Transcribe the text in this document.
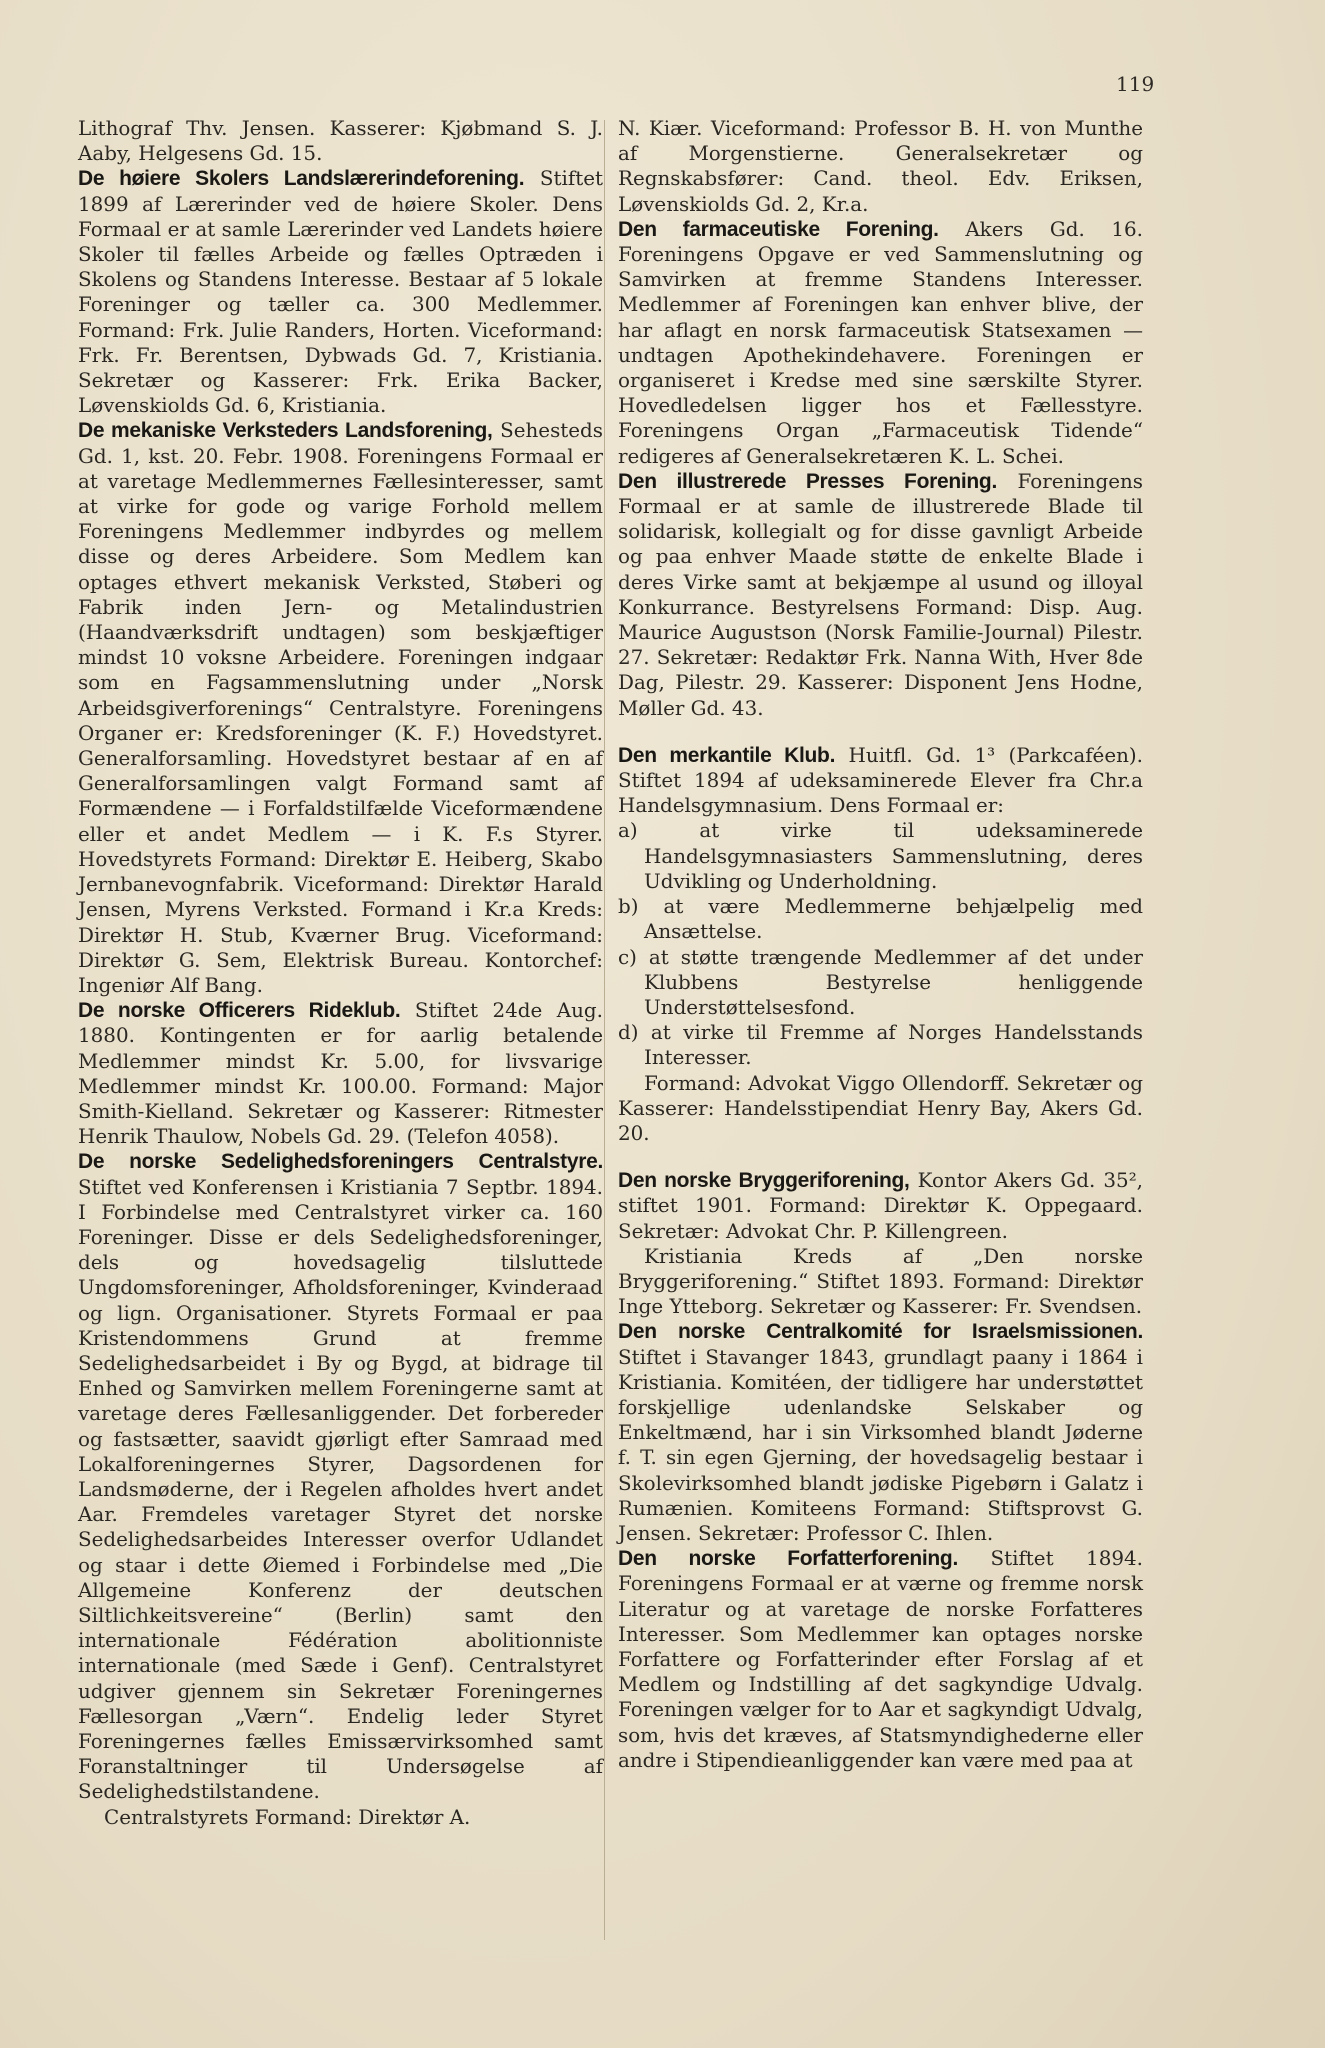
119

Lithograf Thv. Jensen. Kasserer: Kjøbmand S. J. Aaby, Helgesens Gd. 15.

De høiere Skolers Landslærerindeforening. Stiftet 1899 af Lærerinder ved de høiere Skoler. Dens Formaal er at samle Lærerinder ved Landets høiere Skoler til fælles Arbeide og fælles Optræden i Skolens og Standens Interesse. Bestaar af 5 lokale Foreninger og tæller ca. 300 Medlemmer. Formand: Frk. Julie Randers, Horten. Viceformand: Frk. Fr. Berentsen, Dybwads Gd. 7, Kristiania. Sekretær og Kasserer: Frk. Erika Backer, Løvenskiolds Gd. 6, Kristiania.

De mekaniske Verksteders Landsforening, Sehesteds Gd. 1, kst. 20. Febr. 1908. Foreningens Formaal er at varetage Medlemmernes Fællesinteresser, samt at virke for gode og varige Forhold mellem Foreningens Medlemmer indbyrdes og mellem disse og deres Arbeidere. Som Medlem kan optages ethvert mekanisk Verksted, Støberi og Fabrik inden Jern- og Metalindustrien (Haandværksdrift undtagen) som beskjæftiger mindst 10 voksne Arbeidere. Foreningen indgaar som en Fagsammenslutning under „Norsk Arbeidsgiverforenings“ Centralstyre. Foreningens Organer er: Kredsforeninger (K. F.) Hovedstyret. Generalforsamling. Hovedstyret bestaar af en af Generalforsamlingen valgt Formand samt af Formændene — i Forfaldstilfælde Viceformændene eller et andet Medlem — i K. F.s Styrer. Hovedstyrets Formand: Direktør E. Heiberg, Skabo Jernbanevognfabrik. Viceformand: Direktør Harald Jensen, Myrens Verksted. Formand i Kr.a Kreds: Direktør H. Stub, Kværner Brug. Viceformand: Direktør G. Sem, Elektrisk Bureau. Kontorchef: Ingeniør Alf Bang.

De norske Officerers Rideklub. Stiftet 24de Aug. 1880. Kontingenten er for aarlig betalende Medlemmer mindst Kr. 5.00, for livsvarige Medlemmer mindst Kr. 100.00. Formand: Major Smith-Kielland. Sekretær og Kasserer: Ritmester Henrik Thaulow, Nobels Gd. 29. (Telefon 4058).

De norske Sedelighedsforeningers Centralstyre. Stiftet ved Konferensen i Kristiania 7 Septbr. 1894. I Forbindelse med Centralstyret virker ca. 160 Foreninger. Disse er dels Sedelighedsforeninger, dels og hovedsagelig tilsluttede Ungdomsforeninger, Afholdsforeninger, Kvinderaad og lign. Organisationer. Styrets Formaal er paa Kristendommens Grund at fremme Sedelighedsarbeidet i By og Bygd, at bidrage til Enhed og Samvirken mellem Foreningerne samt at varetage deres Fællesanliggender. Det forbereder og fastsætter, saavidt gjørligt efter Samraad med Lokalforeningernes Styrer, Dagsordenen for Landsmøderne, der i Regelen afholdes hvert andet Aar. Fremdeles varetager Styret det norske Sedelighedsarbeides Interesser overfor Udlandet og staar i dette Øiemed i Forbindelse med „Die Allgemeine Konferenz der deutschen Siltlichkeitsvereine“ (Berlin) samt den internationale Fédération abolitionniste internationale (med Sæde i Genf). Centralstyret udgiver gjennem sin Sekretær Foreningernes Fællesorgan „Værn“. Endelig leder Styret Foreningernes fælles Emissærvirksomhed samt Foranstaltninger til Undersøgelse af Sedelighedstilstandene.

Centralstyrets Formand: Direktør A.

N. Kiær. Viceformand: Professor B. H. von Munthe af Morgenstierne. Generalsekretær og Regnskabsfører: Cand. theol. Edv. Eriksen, Løvenskiolds Gd. 2, Kr.a.

Den farmaceutiske Forening. Akers Gd. 16. Foreningens Opgave er ved Sammenslutning og Samvirken at fremme Standens Interesser. Medlemmer af Foreningen kan enhver blive, der har aflagt en norsk farmaceutisk Statsexamen — undtagen Apothekindehavere. Foreningen er organiseret i Kredse med sine særskilte Styrer. Hovedledelsen ligger hos et Fællesstyre. Foreningens Organ „Farmaceutisk Tidende“ redigeres af Generalsekretæren K. L. Schei.

Den illustrerede Presses Forening. Foreningens Formaal er at samle de illustrerede Blade til solidarisk, kollegialt og for disse gavnligt Arbeide og paa enhver Maade støtte de enkelte Blade i deres Virke samt at bekjæmpe al usund og illoyal Konkurrance. Bestyrelsens Formand: Disp. Aug. Maurice Augustson (Norsk Familie-Journal) Pilestr. 27. Sekretær: Redaktør Frk. Nanna With, Hver 8de Dag, Pilestr. 29. Kasserer: Disponent Jens Hodne, Møller Gd. 43.

Den merkantile Klub. Huitfl. Gd. 1³ (Parkcaféen). Stiftet 1894 af udeksaminerede Elever fra Chr.a Handelsgymnasium. Dens Formaal er:

a) at virke til udeksaminerede Handelsgymnasiasters Sammenslutning, deres Udvikling og Underholdning.

b) at være Medlemmerne behjælpelig med Ansættelse.

c) at støtte trængende Medlemmer af det under Klubbens Bestyrelse henliggende Understøttelsesfond.

d) at virke til Fremme af Norges Handelsstands Interesser.

Formand: Advokat Viggo Ollendorff. Sekretær og Kasserer: Handelsstipendiat Henry Bay, Akers Gd. 20.

Den norske Bryggeriforening, Kontor Akers Gd. 35², stiftet 1901. Formand: Direktør K. Oppegaard. Sekretær: Advokat Chr. P. Killengreen.

Kristiania Kreds af „Den norske Bryggeriforening.“ Stiftet 1893. Formand: Direktør Inge Ytteborg. Sekretær og Kasserer: Fr. Svendsen.

Den norske Centralkomité for Israelsmissionen. Stiftet i Stavanger 1843, grundlagt paany i 1864 i Kristiania. Komitéen, der tidligere har understøttet forskjellige udenlandske Selskaber og Enkeltmænd, har i sin Virksomhed blandt Jøderne f. T. sin egen Gjerning, der hovedsagelig bestaar i Skolevirksomhed blandt jødiske Pigebørn i Galatz i Rumænien. Komiteens Formand: Stiftsprovst G. Jensen. Sekretær: Professor C. Ihlen.

Den norske Forfatterforening. Stiftet 1894. Foreningens Formaal er at værne og fremme norsk Literatur og at varetage de norske Forfatteres Interesser. Som Medlemmer kan optages norske Forfattere og Forfatterinder efter Forslag af et Medlem og Indstilling af det sagkyndige Udvalg. Foreningen vælger for to Aar et sagkyndigt Udvalg, som, hvis det kræves, af Statsmyndighederne eller andre i Stipendieanliggender kan være med paa at
